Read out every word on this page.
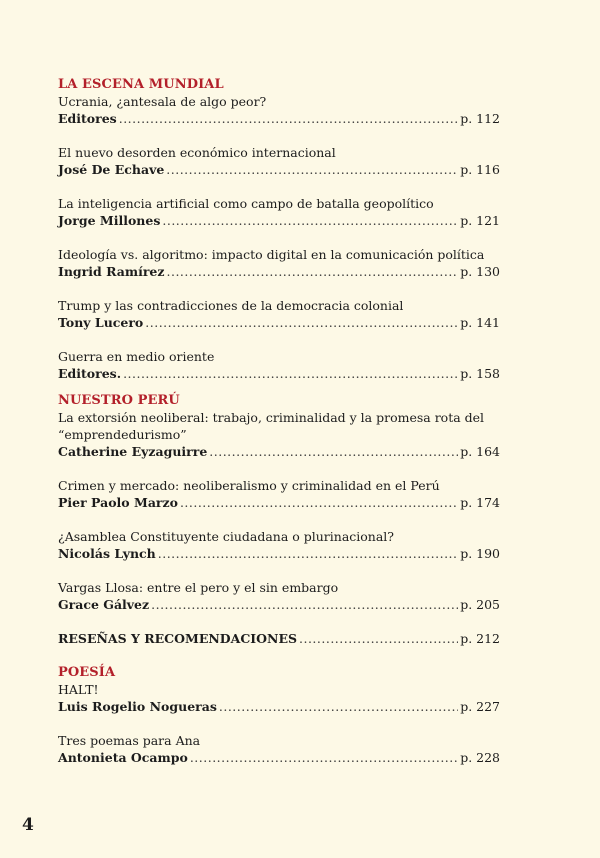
LA ESCENA MUNDIAL
Ucrania, ¿antesala de algo peor?
Editores .....	p. 112
El nuevo desorden económico internacional
José De Echave .....	p. 116
La inteligencia artificial como campo de batalla geopolítico
Jorge Millones .....	p. 121
Ideología vs. algoritmo: impacto digital en la comunicación política
Ingrid Ramírez .....	p. 130
Trump y las contradicciones de la democracia colonial
Tony Lucero .....	p. 141
Guerra en medio oriente
Editores. .....	p. 158
NUESTRO PERÚ
La extorsión neoliberal: trabajo, criminalidad y la promesa rota del “emprendedurismo”
Catherine Eyzaguirre .....	p. 164
Crimen y mercado: neoliberalismo y criminalidad en el Perú
Pier Paolo Marzo .....	p. 174
¿Asamblea Constituyente ciudadana o plurinacional?
Nicolás Lynch .....	p. 190
Vargas Llosa: entre el pero y el sin embargo
Grace Gálvez .....	p. 205
RESEÑAS Y RECOMENDACIONES .....	p. 212
POESÍA
HALT!
Luis Rogelio Nogueras .....	p. 227
Tres poemas para Ana
Antonieta Ocampo .....	p. 228
4
